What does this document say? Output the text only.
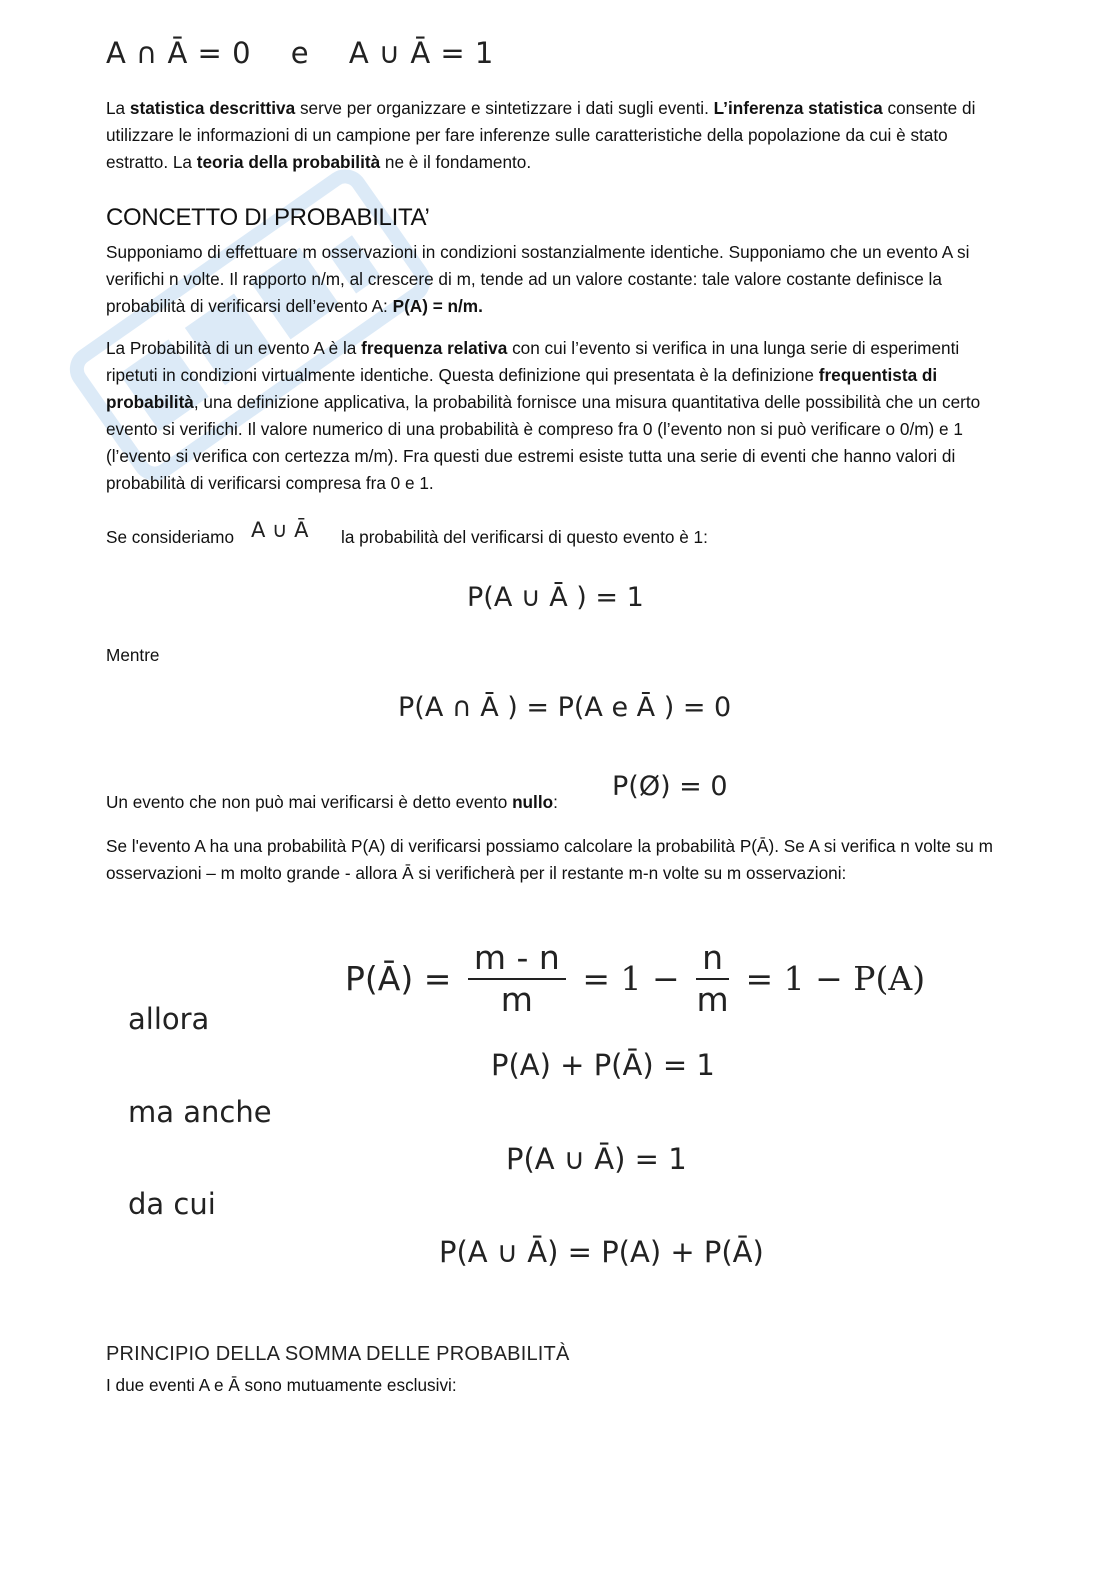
A ∩ Ā = 0 e A ∪ Ā = 1
La statistica descrittiva serve per organizzare e sintetizzare i dati sugli eventi. L’inferenza statistica consente di utilizzare le informazioni di un campione per fare inferenze sulle caratteristiche della popolazione da cui è stato estratto. La teoria della probabilità ne è il fondamento.
CONCETTO DI PROBABILITA’
Supponiamo di effettuare m osservazioni in condizioni sostanzialmente identiche. Supponiamo che un evento A si verifichi n volte. Il rapporto n/m, al crescere di m, tende ad un valore costante: tale valore costante definisce la probabilità di verificarsi dell’evento A: P(A) = n/m.
La Probabilità di un evento A è la frequenza relativa con cui l’evento si verifica in una lunga serie di esperimenti ripetuti in condizioni virtualmente identiche. Questa definizione qui presentata è la definizione frequentista di probabilità, una definizione applicativa, la probabilità fornisce una misura quantitativa delle possibilità che un certo evento si verifichi. Il valore numerico di una probabilità è compreso fra 0 (l’evento non si può verificare o 0/m) e 1 (l’evento si verifica con certezza m/m). Fra questi due estremi esiste tutta una serie di eventi che hanno valori di probabilità di verificarsi compresa fra 0 e 1.
Se consideriamo A ∪ Ā la probabilità del verificarsi di questo evento è 1:
P(A ∪ Ā ) = 1
Mentre
P(A ∩ Ā ) = P(A e Ā ) = 0
Un evento che non può mai verificarsi è detto evento nullo: P(Ø) = 0
Se l'evento A ha una probabilità P(A) di verificarsi possiamo calcolare la probabilità P(Ā). Se A si verifica n volte su m osservazioni – m molto grande - allora Ā si verificherà per il restante m-n volte su m osservazioni:
P(Ā) = $\frac{m - n}{m} = 1 - \frac{n}{m} = 1 - P(A)$
allora
P(A) + P(Ā) = 1
ma anche
P(A ∪ Ā) = 1
da cui
P(A ∪ Ā) = P(A) + P(Ā)
PRINCIPIO DELLA SOMMA DELLE PROBABILITÀ
I due eventi A e Ā sono mutuamente esclusivi:
